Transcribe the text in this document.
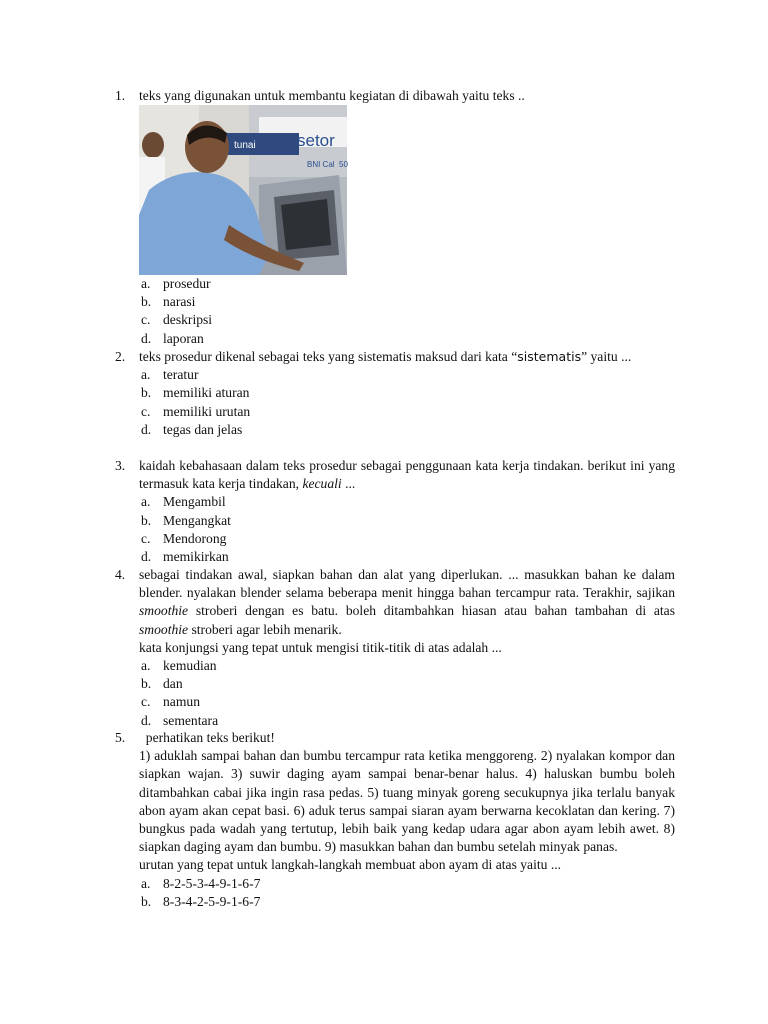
1.	teks yang digunakan untuk membantu kegiatan di dibawah yaitu teks ..

tunai setor
BNI Cal 50
a. prosedur
b. narasi
c. deskripsi
d. laporan
2.	teks prosedur dikenal sebagai teks yang sistematis maksud dari kata “sistematis” yaitu ...

a. teratur
b. memiliki aturan
c. memiliki urutan
d. tegas dan jelas
3.	kaidah kebahasaan dalam teks prosedur sebagai penggunaan kata kerja tindakan. berikut ini yang termasuk kata kerja tindakan, kecuali ...

a. Mengambil
b. Mengangkat
c. Mendorong
d. memikirkan
4.	sebagai tindakan awal, siapkan bahan dan alat yang diperlukan. ... masukkan bahan ke dalam blender. nyalakan blender selama beberapa menit hingga bahan tercampur rata. Terakhir, sajikan smoothie stroberi dengan es batu. boleh ditambahkan hiasan atau bahan tambahan di atas smoothie stroberi agar lebih menarik.

kata konjungsi yang tepat untuk mengisi titik-titik di atas adalah ...

a. kemudian
b. dan
c. namun
d. sementara
5.	perhatikan teks berikut!

1) aduklah sampai bahan dan bumbu tercampur rata ketika menggoreng. 2) nyalakan kompor dan siapkan wajan. 3) suwir daging ayam sampai benar-benar halus. 4) haluskan bumbu boleh ditambahkan cabai jika ingin rasa pedas. 5) tuang minyak goreng secukupnya jika terlalu banyak abon ayam akan cepat basi. 6) aduk terus sampai siaran ayam berwarna kecoklatan dan kering. 7) bungkus pada wadah yang tertutup, lebih baik yang kedap udara agar abon ayam lebih awet. 8) siapkan daging ayam dan bumbu. 9) masukkan bahan dan bumbu setelah minyak panas.

urutan yang tepat untuk langkah-langkah membuat abon ayam di atas yaitu ...

a. 8-2-5-3-4-9-1-6-7
b. 8-3-4-2-5-9-1-6-7
